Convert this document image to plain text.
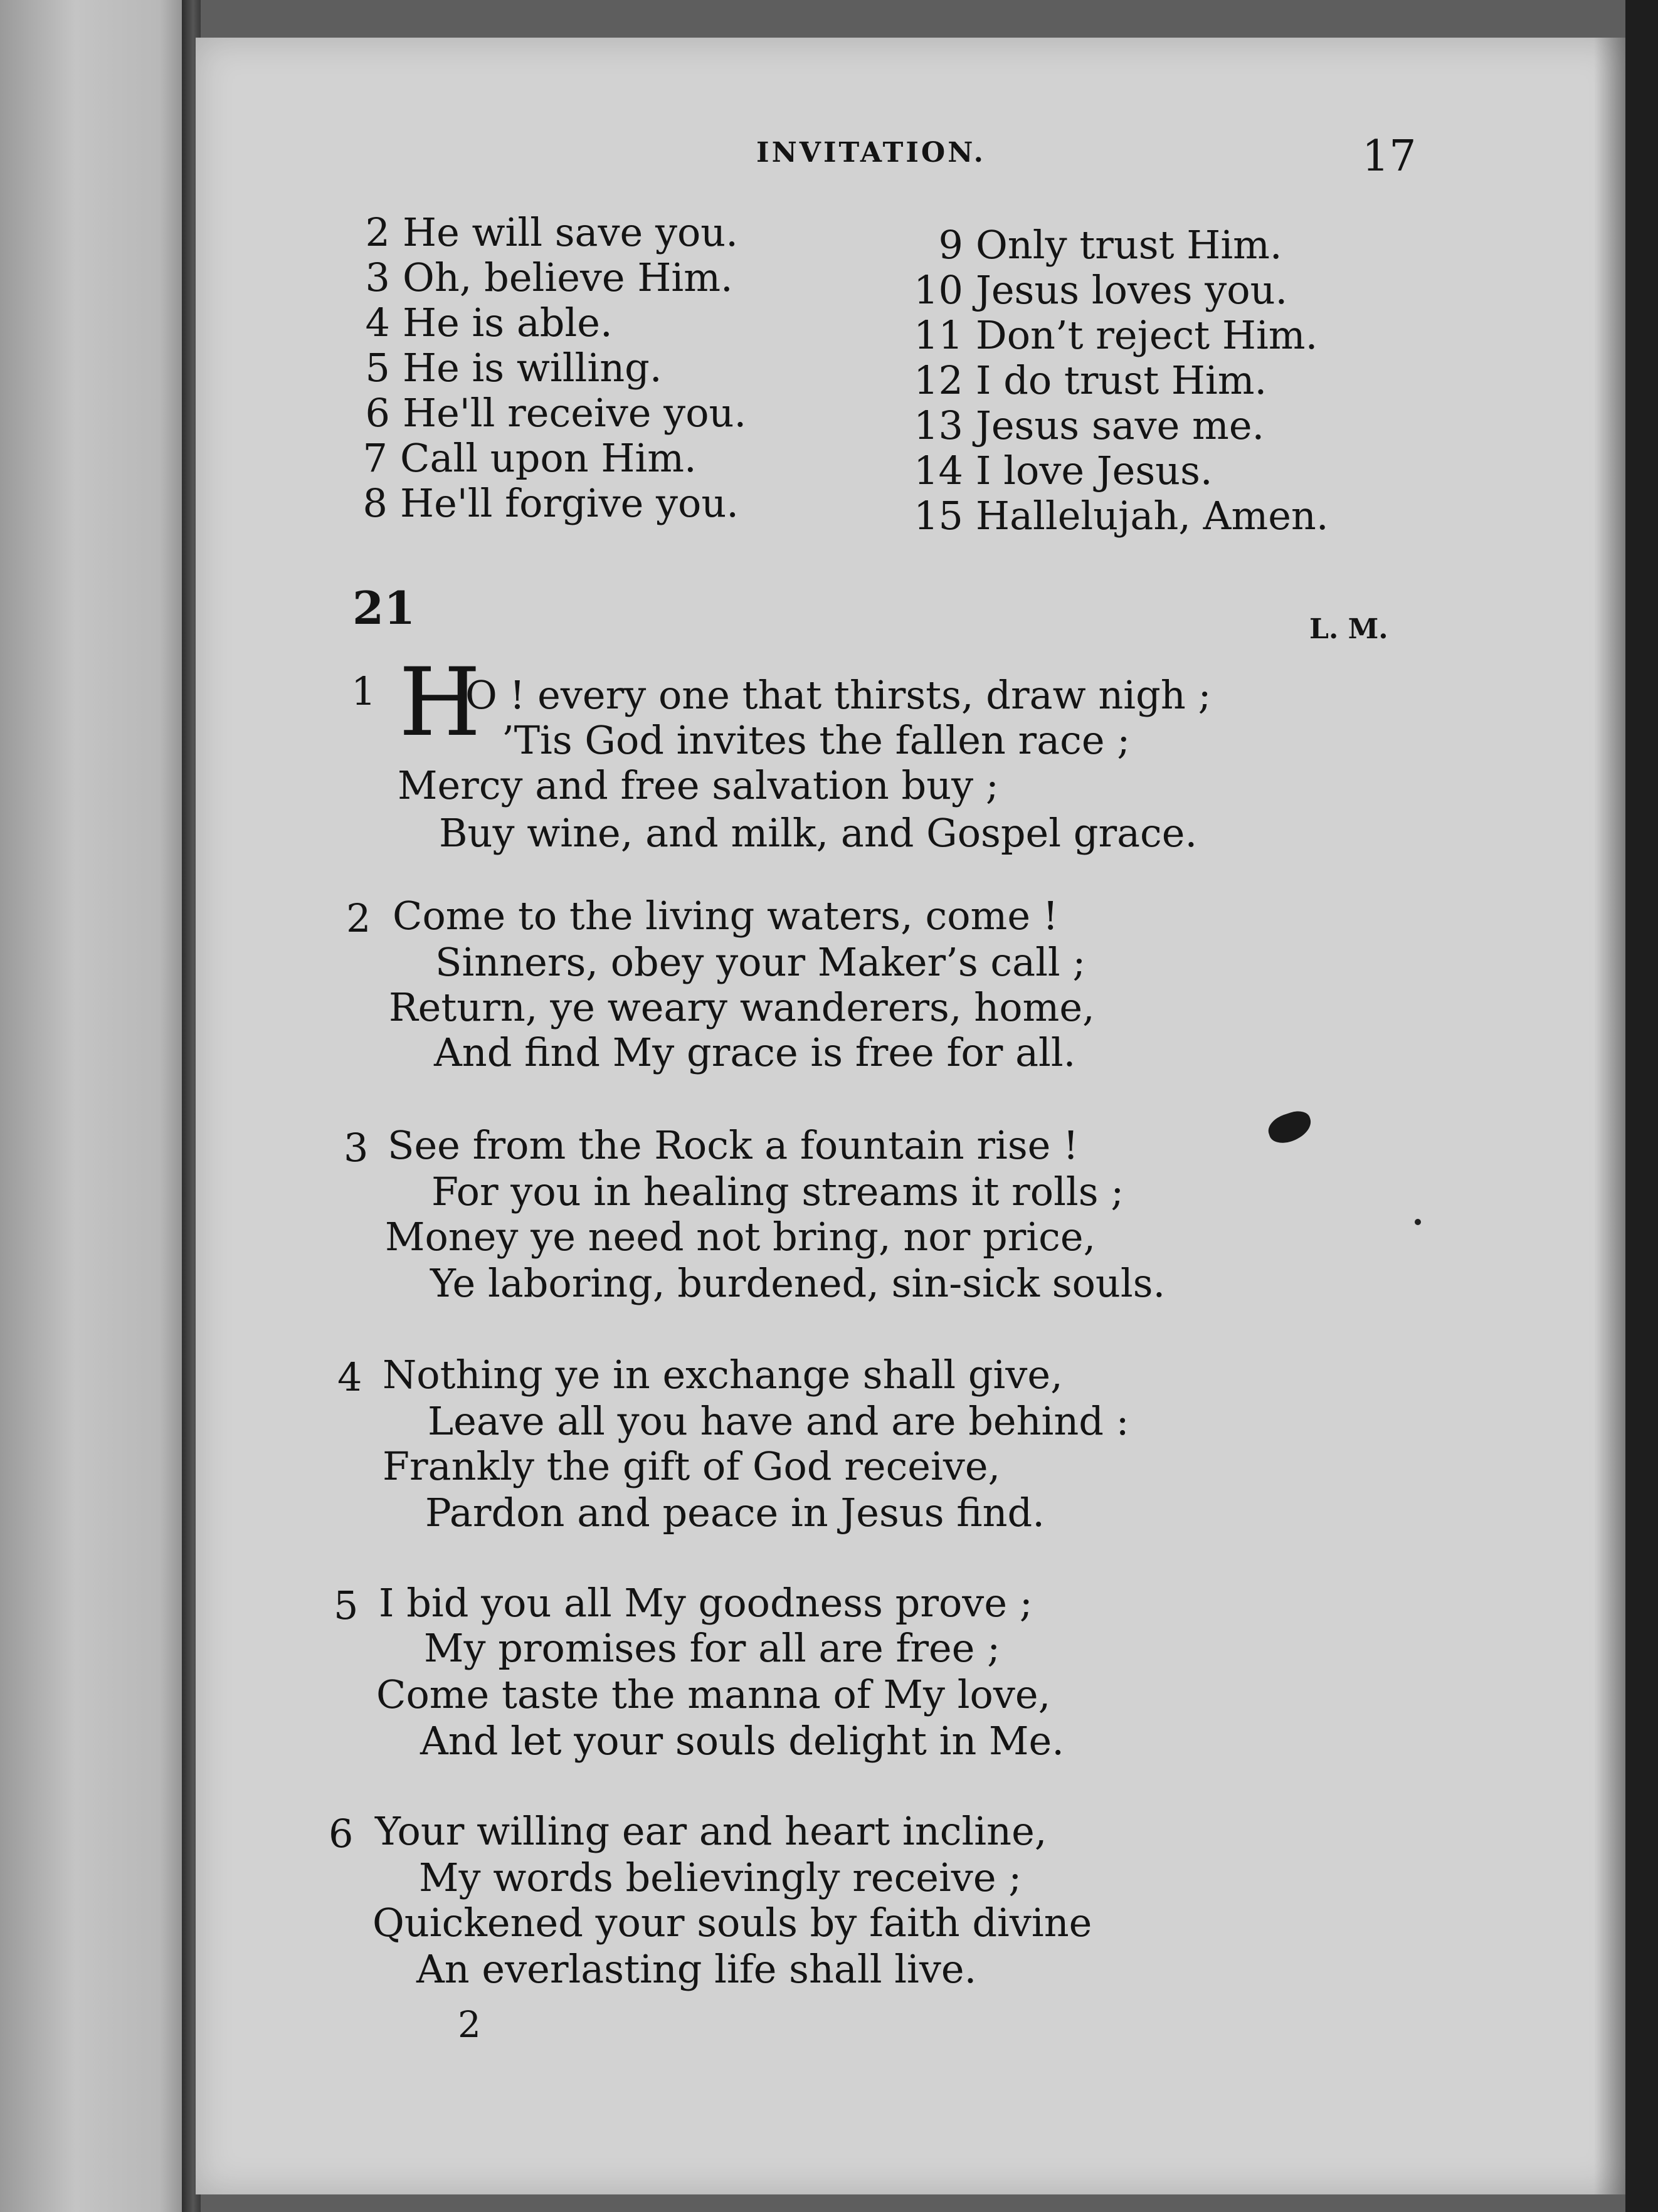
INVITATION.	17
2 He will save you.
3 Oh, believe Him.
4 He is able.
5 He is willing.
6 He'll receive you.
7 Call upon Him.
8 He'll forgive you.
9 Only trust Him.
10 Jesus loves you.
11 Don’t reject Him.
12 I do trust Him.
13 Jesus save me.
14 I love Jesus.
15 Hallelujah, Amen.
21	L. M.
1 H
O ! every one that thirsts, draw nigh ;
’Tis God invites the fallen race ;
Mercy and free salvation buy ;
Buy wine, and milk, and Gospel grace.
2 Come to the living waters, come !
Sinners, obey your Maker’s call ;
Return, ye weary wanderers, home,
And find My grace is free for all.
3 See from the Rock a fountain rise !
For you in healing streams it rolls ;
Money ye need not bring, nor price,
Ye laboring, burdened, sin-sick souls.
4 Nothing ye in exchange shall give,
Leave all you have and are behind :
Frankly the gift of God receive,
Pardon and peace in Jesus find.
5 I bid you all My goodness prove ;
My promises for all are free ;
Come taste the manna of My love,
And let your souls delight in Me.
6 Your willing ear and heart incline,
My words believingly receive ;
Quickened your souls by faith divine
An everlasting life shall live.
2
